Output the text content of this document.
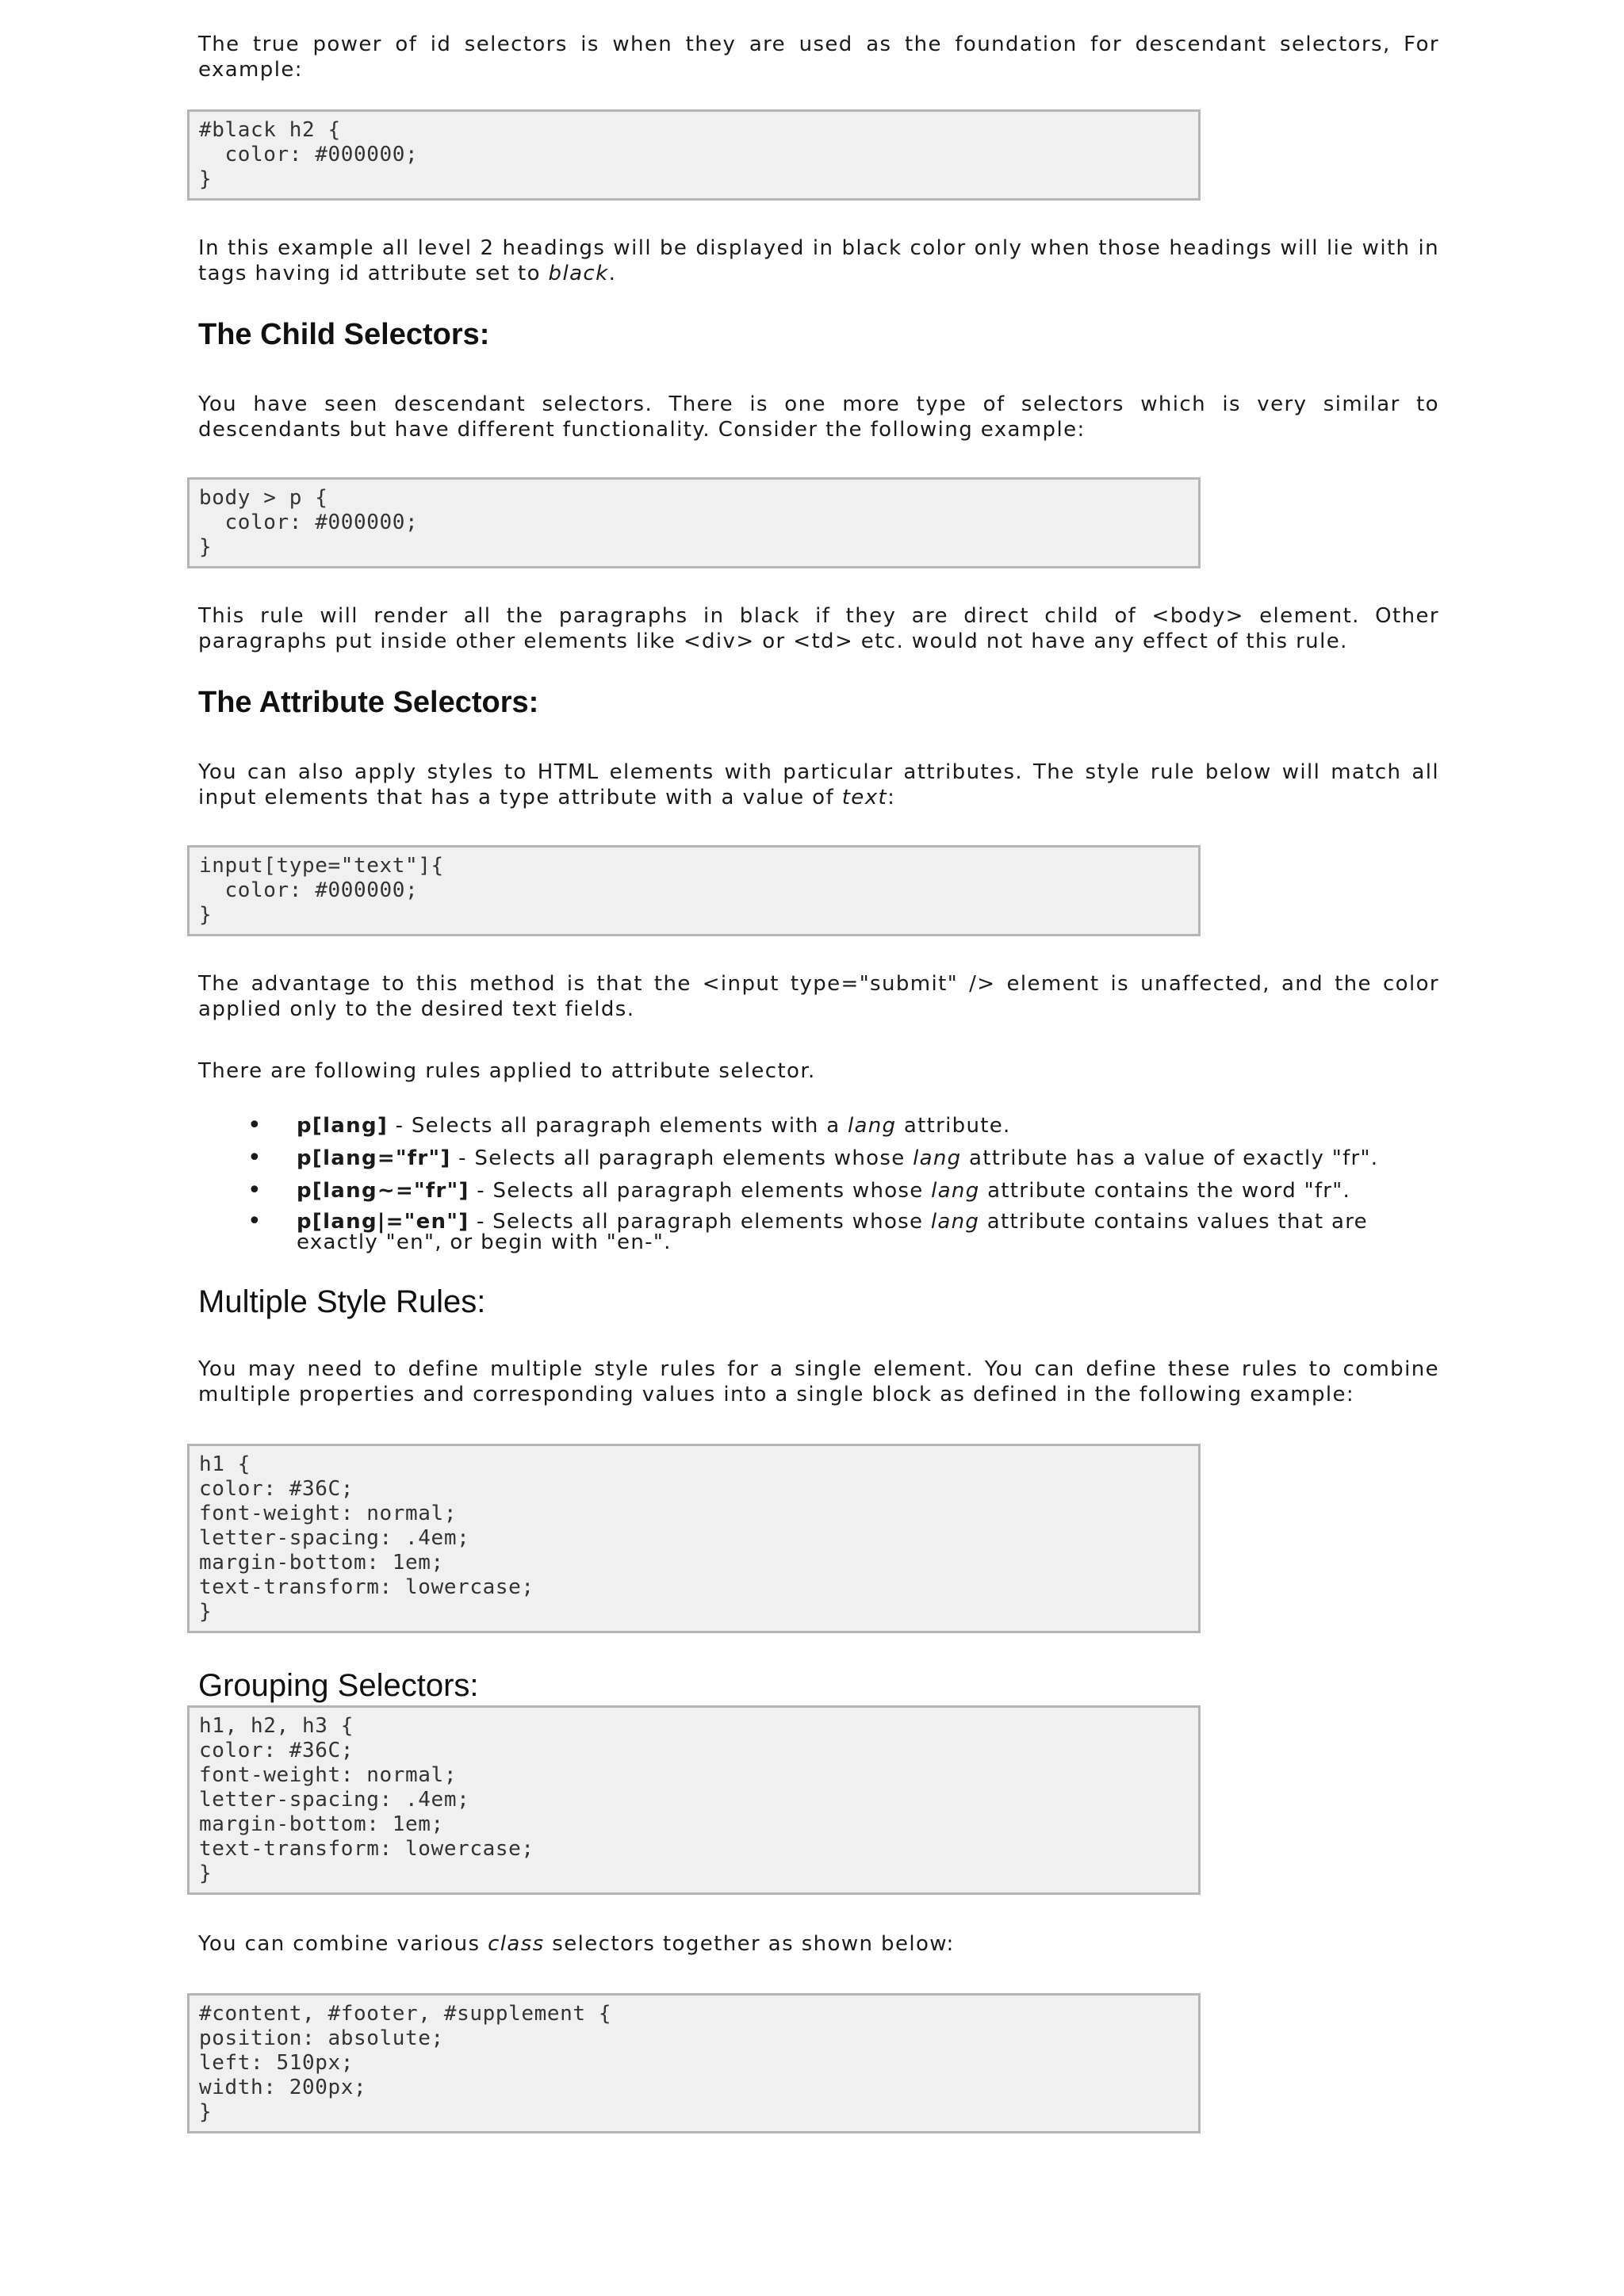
The true power of id selectors is when they are used as the foundation for descendant selectors, For example:

#black h2 {
color: #000000;
}

In this example all level 2 headings will be displayed in black color only when those headings will lie with in tags having id attribute set to black.

The Child Selectors:

You have seen descendant selectors. There is one more type of selectors which is very similar to descendants but have different functionality. Consider the following example:

body > p {
color: #000000;
}

This rule will render all the paragraphs in black if they are direct child of <body> element. Other paragraphs put inside other elements like <div> or <td> etc. would not have any effect of this rule.

The Attribute Selectors:

You can also apply styles to HTML elements with particular attributes. The style rule below will match all input elements that has a type attribute with a value of text:

input[type="text"]{
color: #000000;
}

The advantage to this method is that the <input type="submit" /> element is unaffected, and the color applied only to the desired text fields.

There are following rules applied to attribute selector.

• p[lang] - Selects all paragraph elements with a lang attribute.
• p[lang="fr"] - Selects all paragraph elements whose lang attribute has a value of exactly "fr".
• p[lang~="fr"] - Selects all paragraph elements whose lang attribute contains the word "fr".
• p[lang|="en"] - Selects all paragraph elements whose lang attribute contains values that are exactly "en", or begin with "en-".
Multiple Style Rules:

You may need to define multiple style rules for a single element. You can define these rules to combine multiple properties and corresponding values into a single block as defined in the following example:

h1 {
color: #36C;
font-weight: normal;
letter-spacing: .4em;
margin-bottom: 1em;
text-transform: lowercase;
}
Grouping Selectors:
h1, h2, h3 {
color: #36C;
font-weight: normal;
letter-spacing: .4em;
margin-bottom: 1em;
text-transform: lowercase;
}

You can combine various class selectors together as shown below:

#content, #footer, #supplement {
position: absolute;
left: 510px;
width: 200px;
}
